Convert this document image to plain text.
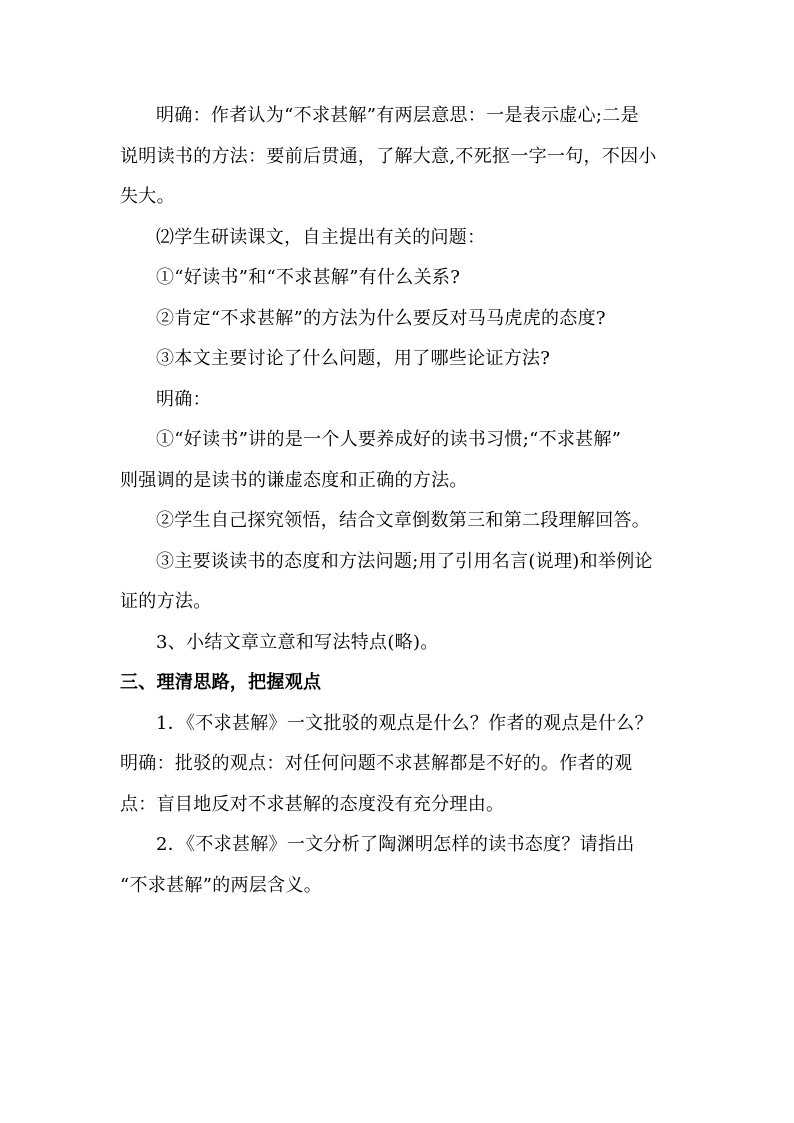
明确：作者认为“不求甚解”有两层意思：一是表示虚心;二是
说明读书的方法：要前后贯通，了解大意,不死抠一字一句，不因小
失大。
⑵学生研读课文，自主提出有关的问题：
①“好读书”和“不求甚解”有什么关系?
②肯定“不求甚解”的方法为什么要反对马马虎虎的态度?
③本文主要讨论了什么问题，用了哪些论证方法?
明确：
①“好读书”讲的是一个人要养成好的读书习惯;“不求甚解”
则强调的是读书的谦虚态度和正确的方法。
②学生自己探究领悟，结合文章倒数第三和第二段理解回答。
③主要谈读书的态度和方法问题;用了引用名言(说理)和举例论
证的方法。
3、小结文章立意和写法特点(略)。
三、理清思路，把握观点
1．《不求甚解》一文批驳的观点是什么？作者的观点是什么？
明确：批驳的观点：对任何问题不求甚解都是不好的。作者的观
点：盲目地反对不求甚解的态度没有充分理由。
2．《不求甚解》一文分析了陶渊明怎样的读书态度？请指出
“不求甚解”的两层含义。
